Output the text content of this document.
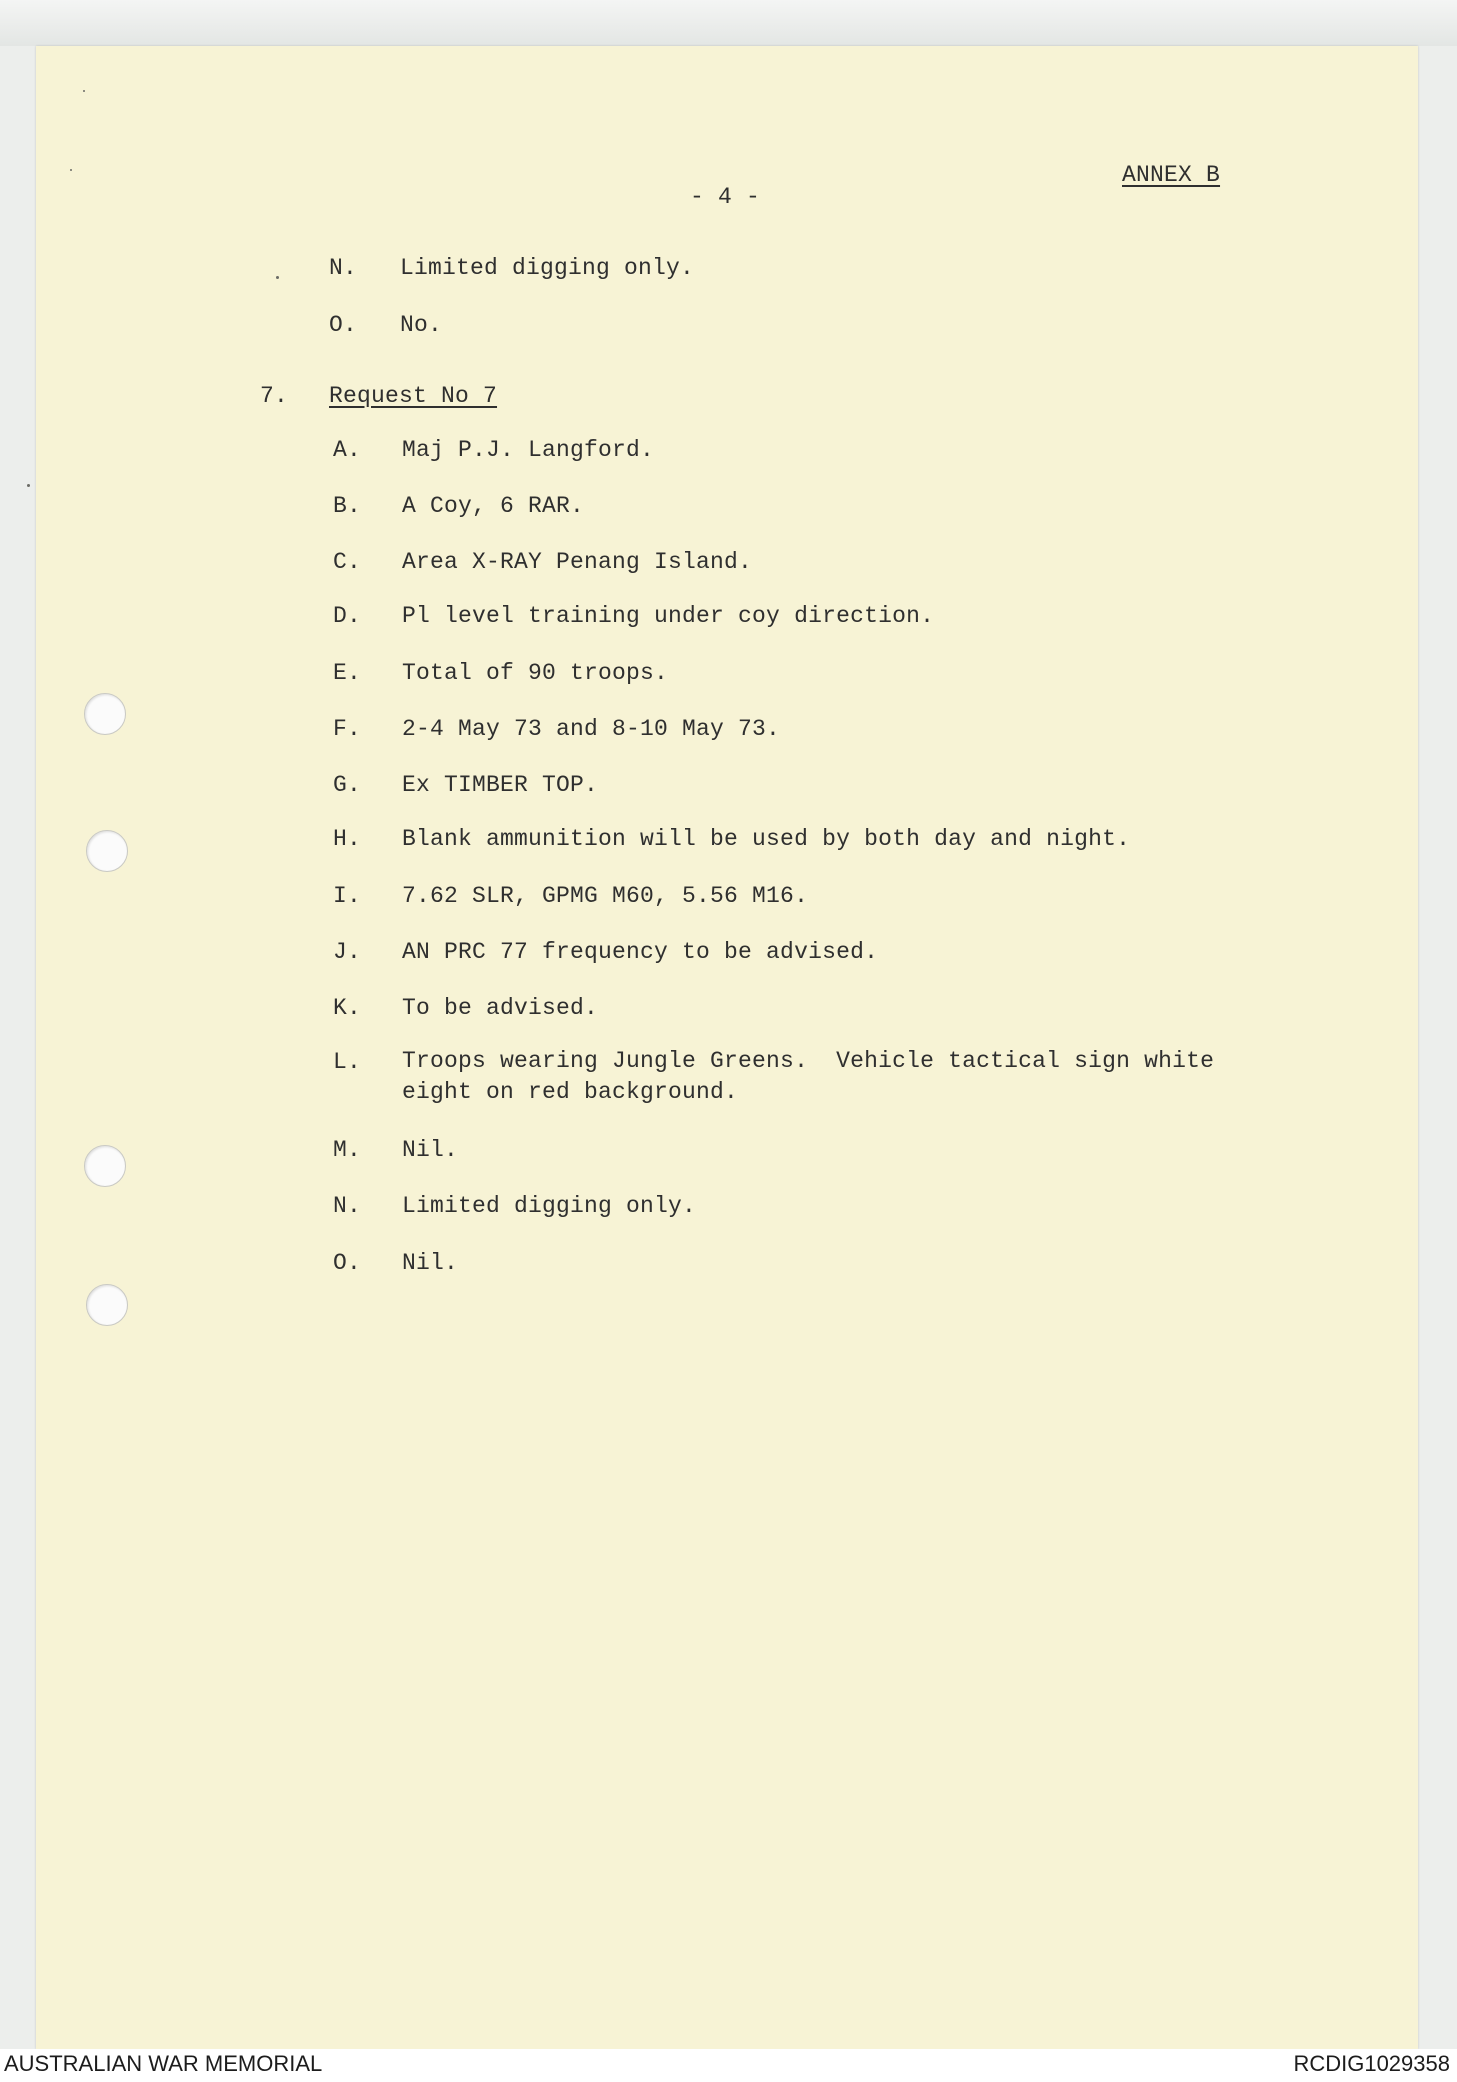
ANNEX B
- 4 -
N. Limited digging only.
O. No.
7. Request No 7
A. Maj P.J. Langford.
B. A Coy, 6 RAR.
C. Area X-RAY Penang Island.
D. Pl level training under coy direction.
E. Total of 90 troops.
F. 2-4 May 73 and 8-10 May 73.
G. Ex TIMBER TOP.
H. Blank ammunition will be used by both day and night.
I. 7.62 SLR, GPMG M60, 5.56 M16.
J. AN PRC 77 frequency to be advised.
K. To be advised.
L. Troops wearing Jungle Greens.  Vehicle tactical sign white
eight on red background.
M. Nil.
N. Limited digging only.
O. Nil.
AUSTRALIAN WAR MEMORIAL	RCDIG1029358
